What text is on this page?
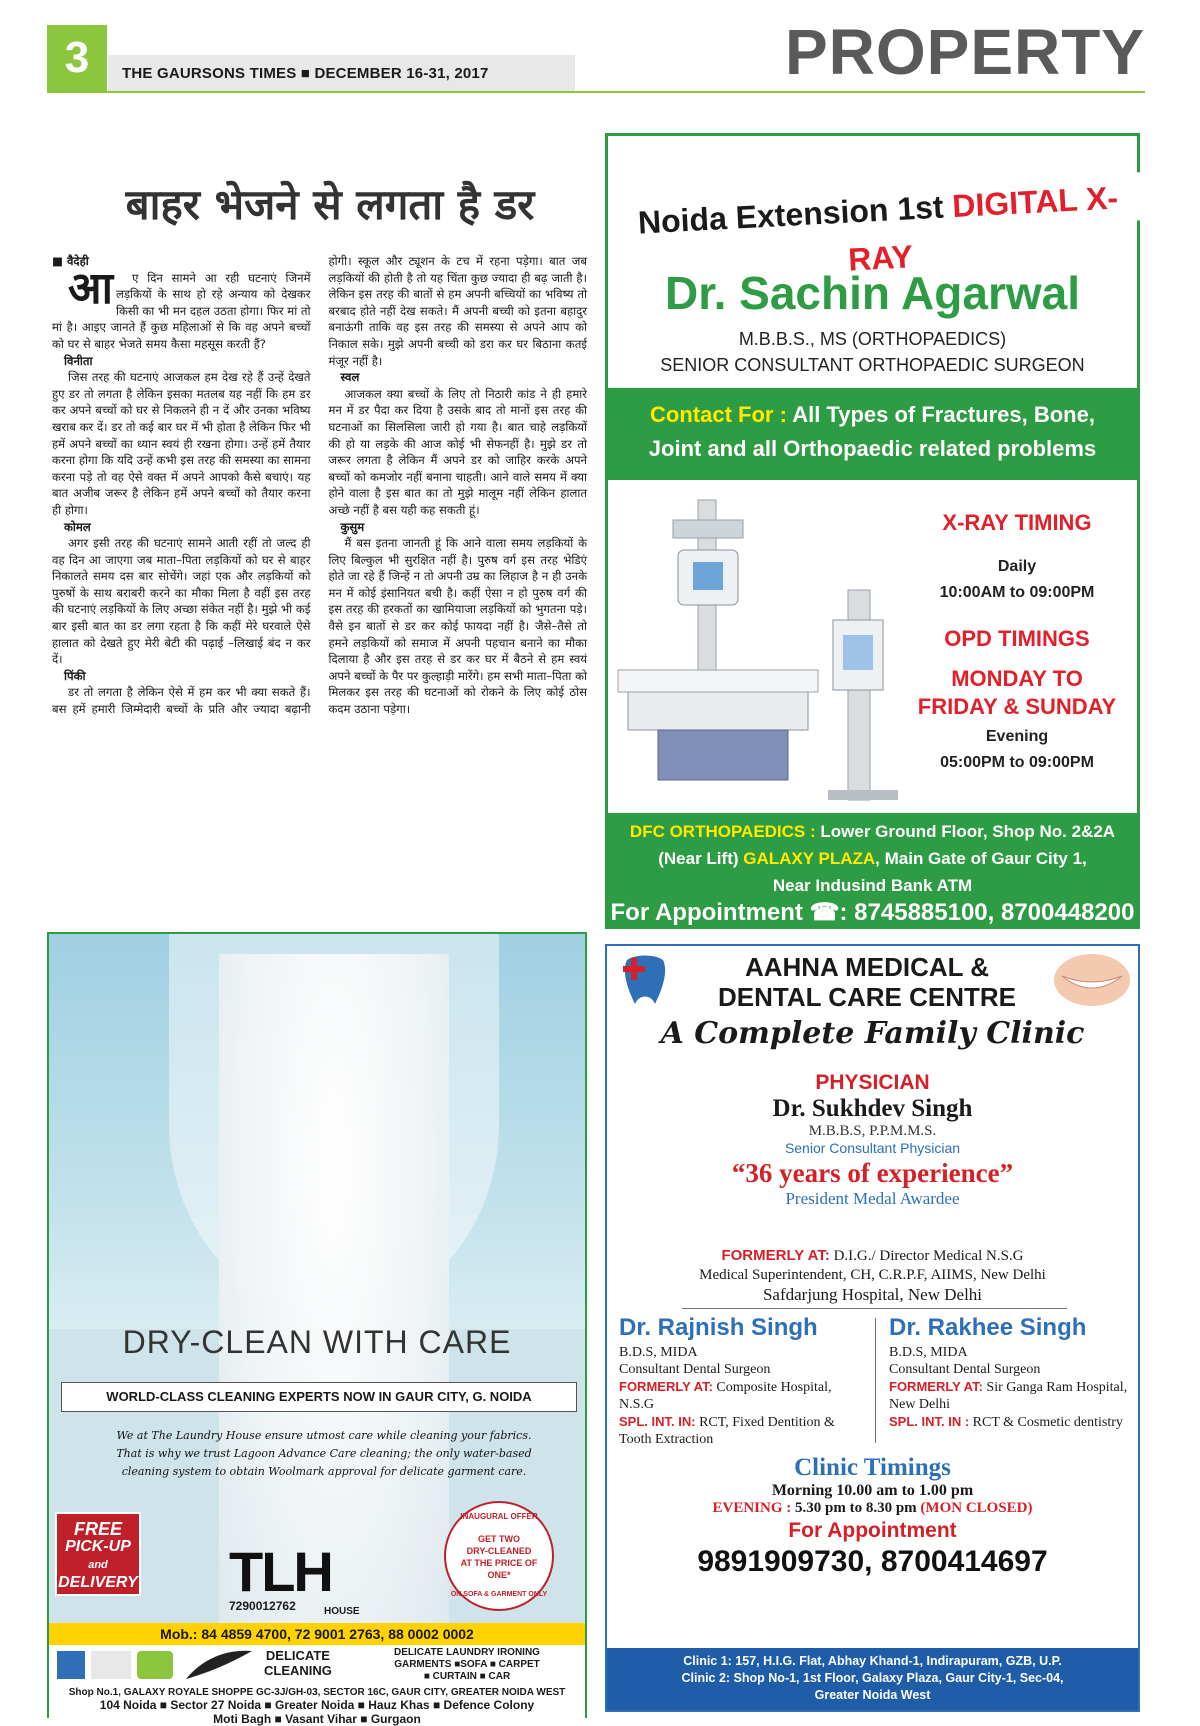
3	THE GAURSONS TIMES ■ DECEMBER 16-31, 2017	PROPERTY
बाहर भेजने से लगता है डर

■ वैदेही

आ ए दिन सामने आ रही घटनाएं जिनमें लड़कियों के साथ हो रहे अन्याय को देखकर किसी का भी मन दहल उठता होगा। फिर मां तो मां है। आइए जानते हैं कुछ महिलाओं से कि वह अपने बच्चों को घर से बाहर भेजते समय कैसा महसूस करती हैं?

विनीता

जिस तरह की घटनाएं आजकल हम देख रहे हैं उन्हें देखते हुए डर तो लगता है लेकिन इसका मतलब यह नहीं कि हम डर कर अपने बच्चों को घर से निकलने ही न दें और उनका भविष्य खराब कर दें। डर तो कई बार घर में भी होता है लेकिन फिर भी हमें अपने बच्चों का ध्यान स्वयं ही रखना होगा। उन्हें हमें तैयार करना होगा कि यदि उन्हें कभी इस तरह की समस्या का सामना करना पड़े तो वह ऐसे वक्त में अपने आपको कैसे बचाएं। यह बात अजीब जरूर है लेकिन हमें अपने बच्चों को तैयार करना ही होगा।

कोमल

अगर इसी तरह की घटनाएं सामने आती रहीं तो जल्द ही वह दिन आ जाएगा जब माता–पिता लड़कियों को घर से बाहर निकालते समय दस बार सोचेंगे। जहां एक और लड़कियों को पुरुषों के साथ बराबरी करने का मौका मिला है वहीं इस तरह की घटनाएं लड़कियों के लिए अच्छा संकेत नहीं है। मुझे भी कई बार इसी बात का डर लगा रहता है कि कहीं मेरे घरवाले ऐसे हालात को देखते हुए मेरी बेटी की पढ़ाई –लिखाई बंद न कर दें।

पिंकी

डर तो लगता है लेकिन ऐसे में हम कर भी क्या सकते हैं। बस हमें हमारी जिम्मेदारी बच्चों के प्रति और ज्यादा बढ़ानी होगी। स्कूल और ट्यूशन के टच में रहना पड़ेगा। बात जब लड़कियों की होती है तो यह चिंता कुछ ज्यादा ही बढ़ जाती है। लेकिन इस तरह की बातों से हम अपनी बच्चियों का भविष्य तो बरबाद होते नहीं देख सकते। मैं अपनी बच्ची को इतना बहादुर बनाऊंगी ताकि वह इस तरह की समस्या से अपने आप को निकाल सके। मुझे अपनी बच्ची को डरा कर घर बिठाना कतई मंजूर नहीं है।

स्वल

आजकल क्या बच्चों के लिए तो निठारी कांड ने ही हमारे मन में डर पैदा कर दिया है उसके बाद तो मानों इस तरह की घटनाओं का सिलसिला जारी हो गया है। बात चाहे लड़कियों की हो या लड़के की आज कोई भी सेफनहीं है। मुझे डर तो जरूर लगता है लेकिन मैं अपने डर को जाहिर करके अपने बच्चों को कमजोर नहीं बनाना चाहती। आने वाले समय में क्या होने वाला है इस बात का तो मुझे मालूम नहीं लेकिन हालात अच्छे नहीं है बस यही कह सकती हूं।

कुसुम

मैं बस इतना जानती हूं कि आने वाला समय लड़कियों के लिए बिल्कुल भी सुरक्षित नहीं है। पुरुष वर्ग इस तरह भेडिएं होते जा रहे हैं जिन्हें न तो अपनी उम्र का लिहाज है न ही उनके मन में कोई इंसानियत बची है। कहीं ऐसा न हो पुरुष वर्ग की इस तरह की हरकतों का खामियाजा लड़कियों को भुगतना पड़े। वैसे इन बातों से डर कर कोई फायदा नहीं है। जैसे–तैसे तो हमने लड़कियों को समाज में अपनी पहचान बनाने का मौका दिलाया है और इस तरह से डर कर घर में बैठने से हम स्वयं अपने बच्चों के पैर पर कुल्हाड़ी मारेंगे। हम सभी माता–पिता को मिलकर इस तरह की घटनाओं को रोकने के लिए कोई ठोस कदम उठाना पड़ेगा।

Noida Extension 1st DIGITAL X-RAY
Dr. Sachin Agarwal
M.B.B.S., MS (ORTHOPAEDICS)
SENIOR CONSULTANT ORTHOPAEDIC SURGEON
Contact For : All Types of Fractures, Bone,
Joint and all Orthopaedic related problems
X-RAY TIMING
Daily
10:00AM to 09:00PM
OPD TIMINGS
MONDAY TO
FRIDAY & SUNDAY
Evening
05:00PM to 09:00PM
DFC ORTHOPAEDICS : Lower Ground Floor, Shop No. 2&2A
(Near Lift) GALAXY PLAZA, Main Gate of Gaur City 1,
Near Indusind Bank ATM
For Appointment ☎: 8745885100, 8700448200
DRY-CLEAN WITH CARE
WORLD-CLASS CLEANING EXPERTS NOW IN GAUR CITY, G. NOIDA
We at The Laundry House ensure utmost care while cleaning your fabrics. That is why we trust Lagoon Advance Care cleaning; the only water-based cleaning system to obtain Woolmark approval for delicate garment care.
FREE
PICK-UP
and
DELIVERY TLH
7290012762	HOUSE
INAUGURAL OFFER
GET TWO
DRY-CLEANED
AT THE PRICE OF
ONE*
ON SOFA & GARMENT ONLY
Mob.: 84 4859 4700, 72 9001 2763, 88 0002 0002
DELICATE
CLEANING
DELICATE LAUNDRY IRONING
GARMENTS ■SOFA ■ CARPET
■ CURTAIN ■ CAR
Shop No.1, GALAXY ROYALE SHOPPE GC-3J/GH-03, SECTOR 16C, GAUR CITY, GREATER NOIDA WEST
104 Noida ■ Sector 27 Noida ■ Greater Noida ■ Hauz Khas ■ Defence Colony
Moti Bagh ■ Vasant Vihar ■ Gurgaon
AAHNA MEDICAL &
DENTAL CARE CENTRE
A Complete Family Clinic
PHYSICIAN
Dr. Sukhdev Singh
M.B.B.S, P.P.M.M.S.
Senior Consultant Physician
“36 years of experience”
President Medal Awardee
FORMERLY AT: D.I.G./ Director Medical N.S.G
Medical Superintendent, CH, C.R.P.F, AIIMS, New Delhi
Safdarjung Hospital, New Delhi
Dr. Rajnish Singh
B.D.S, MIDA
Consultant Dental Surgeon
FORMERLY AT: Composite Hospital, N.S.G
SPL. INT. IN: RCT, Fixed Dentition & Tooth Extraction
Dr. Rakhee Singh
B.D.S, MIDA
Consultant Dental Surgeon
FORMERLY AT: Sir Ganga Ram Hospital, New Delhi
SPL. INT. IN : RCT & Cosmetic dentistry
Clinic Timings
Morning 10.00 am to 1.00 pm
EVENING : 5.30 pm to 8.30 pm (MON CLOSED)
For Appointment
9891909730, 8700414697
Clinic 1: 157, H.I.G. Flat, Abhay Khand-1, Indirapuram, GZB, U.P.
Clinic 2: Shop No-1, 1st Floor, Galaxy Plaza, Gaur City-1, Sec-04,
Greater Noida West
